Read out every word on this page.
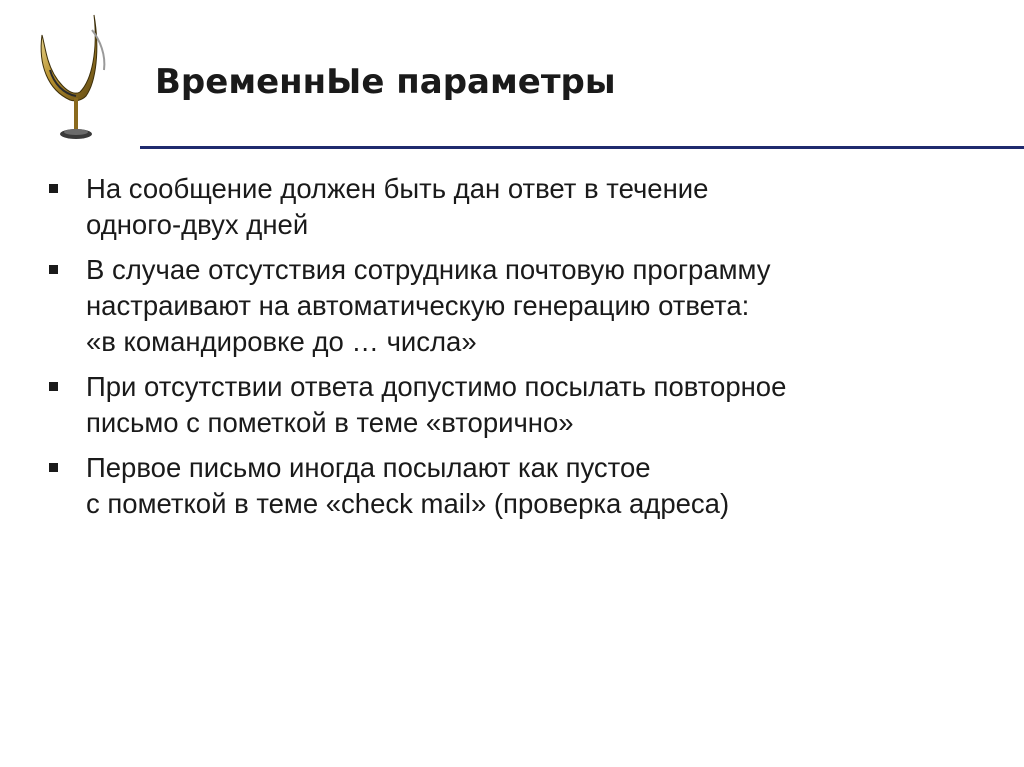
ВременнЫе параметры
На сообщение должен быть дан ответ в течение
одного-двух дней
В случае отсутствия сотрудника почтовую программу
настраивают на автоматическую генерацию ответа:
«в командировке до … числа»
При отсутствии ответа допустимо посылать повторное
письмо с пометкой в теме «вторично»
Первое письмо иногда посылают как пустое
с пометкой в теме «check mail» (проверка адреса)
